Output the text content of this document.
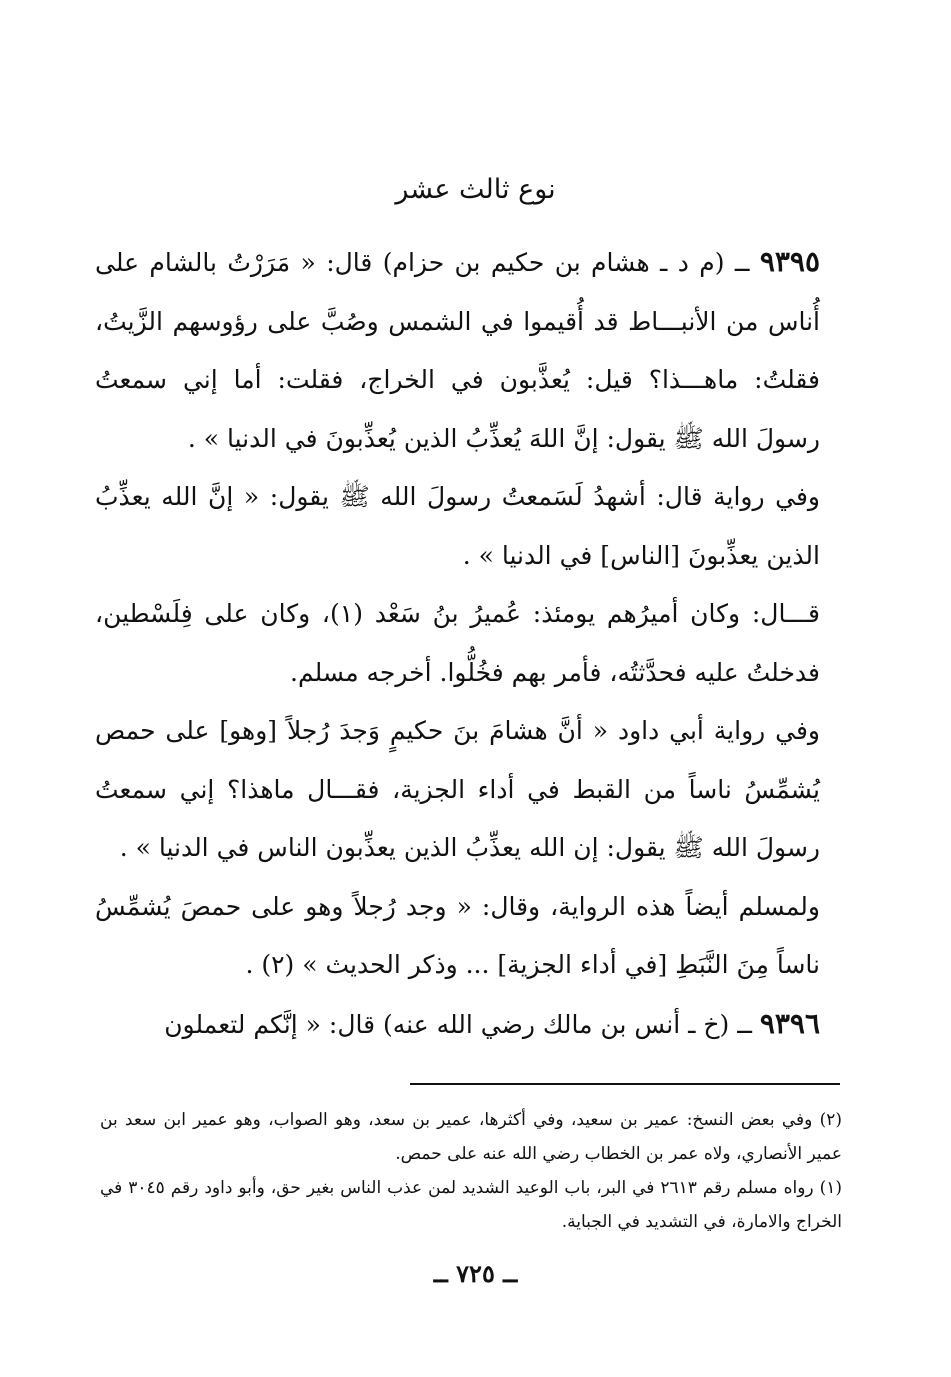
نوع ثالث عشر

٩٣٩٥ ــ (م د ـ هشام بن حكيم بن حزام) قال: « مَرَرْتُ بالشام على أُناس من الأنبـــاط قد أُقيموا في الشمس وصُبَّ على رؤوسهم الزَّيتُ، فقلتُ: ماهـــذا؟ قيل: يُعذَّبون في الخراج، فقلت: أما إني سمعتُ رسولَ الله ﷺ يقول: إنَّ اللهَ يُعذِّبُ الذين يُعذِّبونَ في الدنيا » .

وفي رواية قال: أشهدُ لَسَمعتُ رسولَ الله ﷺ يقول: « إنَّ الله يعذِّبُ الذين يعذِّبونَ [الناس] في الدنيا » .

قـــال: وكان أميرُهم يومئذ: عُميرُ بنُ سَعْد (١)، وكان على فِلَسْطين، فدخلتُ عليه فحدَّثتُه، فأمر بهم فخُلُّوا. أخرجه مسلم.

وفي رواية أبي داود « أنَّ هشامَ بنَ حكيمٍ وَجدَ رُجلاً [وهو] على حمص يُشمِّسُ ناساً من القبط في أداء الجزية، فقـــال ماهذا؟ إني سمعتُ رسولَ الله ﷺ يقول: إن الله يعذِّبُ الذين يعذِّبون الناس في الدنيا » .

ولمسلم أيضاً هذه الرواية، وقال: « وجد رُجلاً وهو على حمصَ يُشمِّسُ ناساً مِنَ النَّبَطِ [في أداء الجزية] ... وذكر الحديث » (٢) .

٩٣٩٦ ــ (خ ـ أنس بن مالك رضي الله عنه) قال: « إنَّكم لتعملون

(٢) وفي بعض النسخ: عمير بن سعيد، وفي أكثرها، عمير بن سعد، وهو الصواب، وهو عمير ابن سعد بن عمير الأنصاري، ولاه عمر بن الخطاب رضي الله عنه على حمص.

(١) رواه مسلم رقم ٢٦١٣ في البر، باب الوعيد الشديد لمن عذب الناس بغير حق، وأبو داود رقم ٣٠٤٥ في الخراج والامارة، في التشديد في الجباية.

ــ ٧٢٥ ــ
